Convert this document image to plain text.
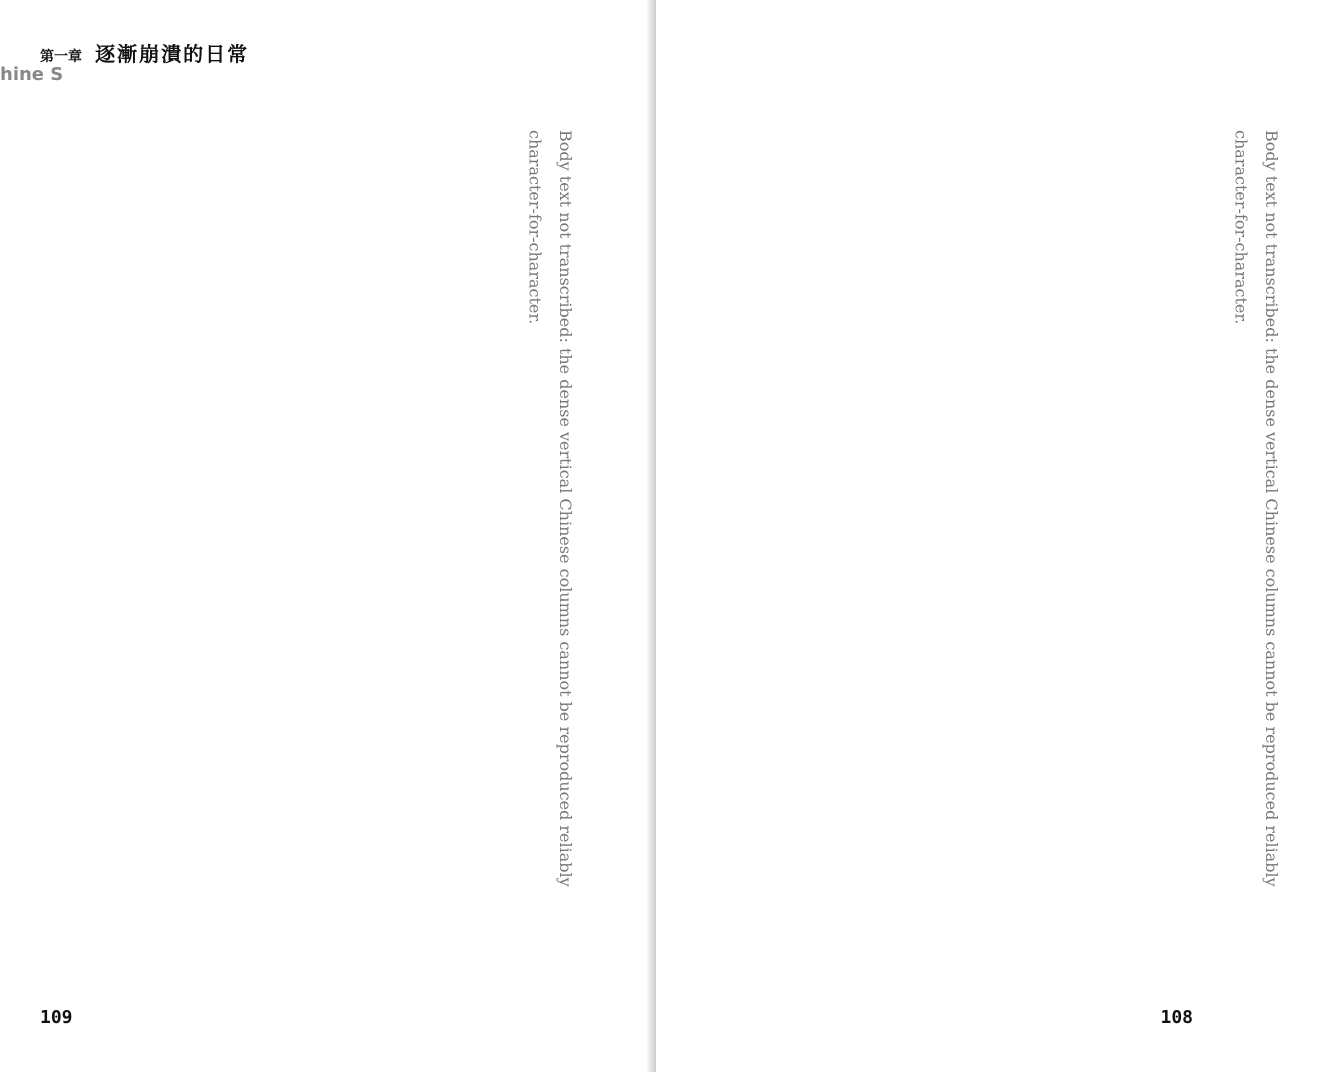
hine S
第一章 逐漸崩潰的日常
Body text not transcribed: the dense vertical Chinese columns cannot be reproduced reliably character-for-character.
109
Body text not transcribed: the dense vertical Chinese columns cannot be reproduced reliably character-for-character.
108
